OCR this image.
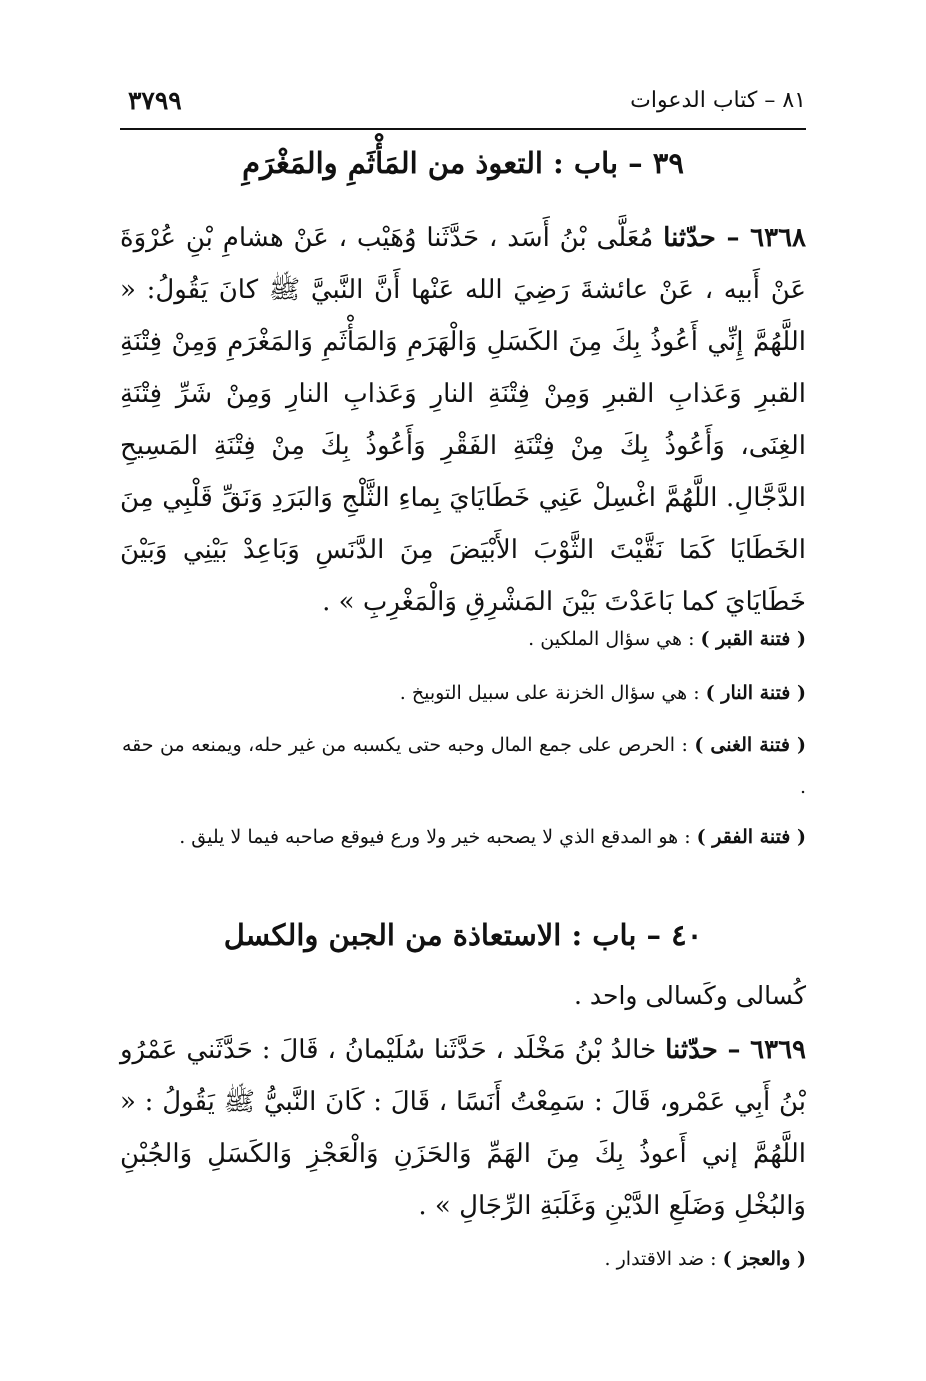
٣٧٩٩	٨١ – كتاب الدعوات
٣٩ – باب : التعوذ من المَأْثَمِ والمَغْرَمِ
٦٣٦٨ – حدّثنا مُعَلَّى بْنُ أَسَد ، حَدَّثَنا وُهَيْب ، عَنْ هشامِ بْنِ عُرْوَةَ عَنْ أَبيه ، عَنْ عائشةَ رَضِيَ الله عَنْها أَنَّ النَّبيَّ ﷺ كانَ يَقُولُ: « اللَّهُمَّ إِنِّي أَعُوذُ بِكَ مِنَ الكَسَلِ وَالْهَرَمِ وَالمَأْثَمِ وَالمَغْرَمِ وَمِنْ فِتْنَةِ القبرِ وَعَذابِ القبرِ وَمِنْ فِتْنَةِ النارِ وَعَذابِ النارِ وَمِنْ شَرِّ فِتْنَةِ الغِنَى، وَأَعُوذُ بِكَ مِنْ فِتْنَةِ الفَقْرِ وَأَعُوذُ بِكَ مِنْ فِتْنَةِ المَسِيحِ الدَّجَّالِ. اللَّهُمَّ اغْسِلْ عَنِي خَطَايَايَ بِماءِ الثَّلْجِ وَالبَرَدِ وَنَقِّ قَلْبِي مِنَ الخَطَايَا كَمَا نَقَّيْتَ الثَّوْبَ الأَبْيَضَ مِنَ الدَّنَسِ وَبَاعِدْ بَيْنِي وَبَيْنَ خَطَايَايَ كما بَاعَدْتَ بَيْنَ المَشْرِقِ وَالْمَغْرِبِ » .
( فتنة القبر ) : هي سؤال الملكين .
( فتنة النار ) : هي سؤال الخزنة على سبيل التوبيخ .
( فتنة الغنى ) : الحرص على جمع المال وحبه حتى يكسبه من غير حله، ويمنعه من حقه .
( فتنة الفقر ) : هو المدقع الذي لا يصحبه خير ولا ورع فيوقع صاحبه فيما لا يليق .
٤٠ – باب : الاستعاذة من الجبن والكسل
كُسالى وكَسالى واحد .
٦٣٦٩ – حدّثنا خالدُ بْنُ مَخْلَد ، حَدَّثَنا سُلَيْمانُ ، قَالَ : حَدَّثَني عَمْرُو بْنُ أَبِي عَمْرو، قَالَ : سَمِعْتُ أَنَسًا ، قَالَ : كَانَ النَّبيُّ ﷺ يَقُولُ : « اللَّهُمَّ إني أَعوذُ بِكَ مِنَ الهَمِّ وَالحَزَنِ وَالْعَجْزِ وَالكَسَلِ وَالجُبْنِ وَالبُخْلِ وَضَلَعِ الدَّيْنِ وَغَلَبَةِ الرِّجَالِ » .
( والعجز ) : ضد الاقتدار .
